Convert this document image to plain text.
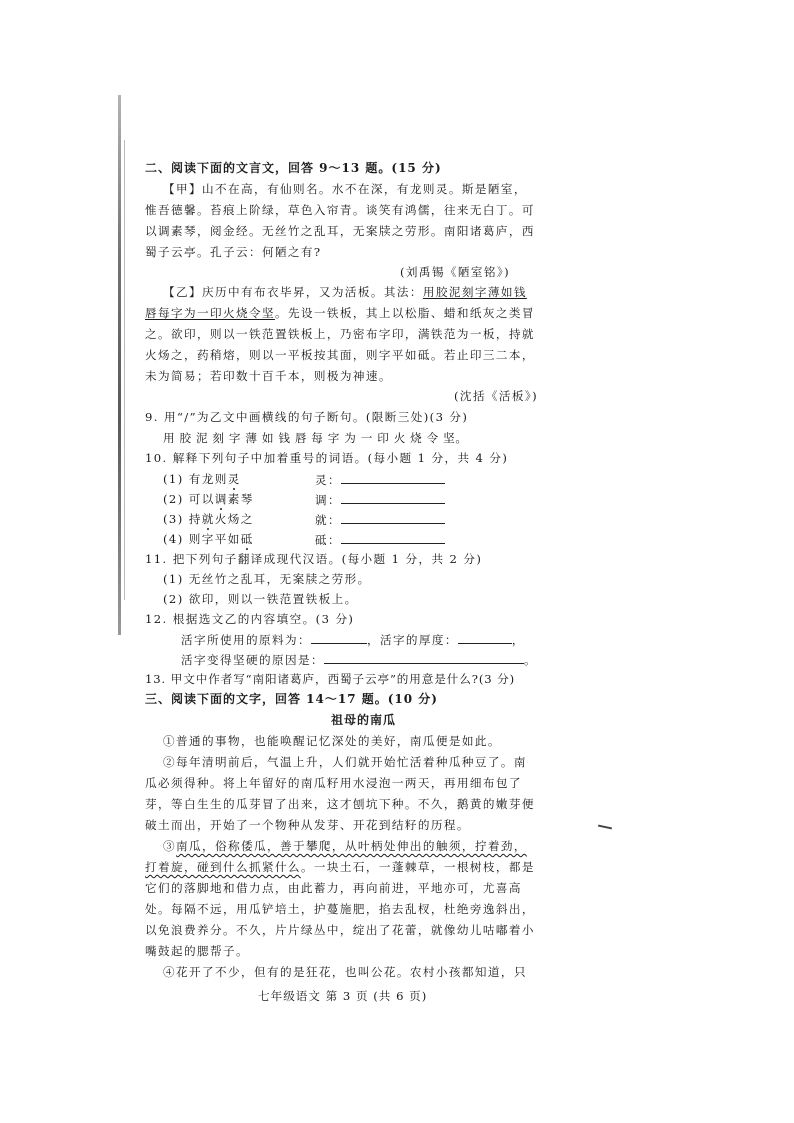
二、阅读下面的文言文，回答 9～13 题。(15 分)
【甲】山不在高，有仙则名。水不在深，有龙则灵。斯是陋室，
惟吾德馨。苔痕上阶绿，草色入帘青。谈笑有鸿儒，往来无白丁。可
以调素琴，阅金经。无丝竹之乱耳，无案牍之劳形。南阳诸葛庐，西
蜀子云亭。孔子云：何陋之有?
(刘禹锡《陋室铭》)
【乙】庆历中有布衣毕昇，又为活板。其法：用胶泥刻字薄如钱
唇每字为一印火烧令坚。先设一铁板，其上以松脂、蜡和纸灰之类冒
之。欲印，则以一铁范置铁板上，乃密布字印，满铁范为一板，持就
火炀之，药稍熔，则以一平板按其面，则字平如砥。若止印三二本，
未为简易；若印数十百千本，则极为神速。
(沈括《活板》)
9. 用“/”为乙文中画横线的句子断句。(限断三处)(3 分)
用 胶 泥 刻 字 薄 如 钱 唇 每 字 为 一 印 火 烧 令 坚。
10. 解释下列句子中加着重号的词语。(每小题 1 分，共 4 分)
(1) 有龙则灵	灵：
(2) 可以调素琴	调：
(3) 持就火炀之	就：
(4) 则字平如砥	砥：
11. 把下列句子翻译成现代汉语。(每小题 1 分，共 2 分)
(1) 无丝竹之乱耳，无案牍之劳形。
(2) 欲印，则以一铁范置铁板上。
12. 根据选文乙的内容填空。(3 分)
活字所使用的原料为：	，活字的厚度：	，
活字变得坚硬的原因是：	。
13. 甲文中作者写“南阳诸葛庐，西蜀子云亭”的用意是什么?(3 分)
三、阅读下面的文字，回答 14～17 题。(10 分)
祖母的南瓜
①普通的事物，也能唤醒记忆深处的美好，南瓜便是如此。
②每年清明前后，气温上升，人们就开始忙活着种瓜种豆了。南
瓜必须得种。将上年留好的南瓜籽用水浸泡一两天，再用细布包了
芽，等白生生的瓜芽冒了出来，这才刨坑下种。不久，鹅黄的嫩芽便
破土而出，开始了一个物种从发芽、开花到结籽的历程。
③南瓜，俗称倭瓜，善于攀爬，从叶柄处伸出的触须，拧着劲，
打着旋，碰到什么抓紧什么。一块土石，一蓬棘草，一根树枝，都是
它们的落脚地和借力点，由此蓄力，再向前进，平地亦可，尤喜高
处。每隔不远，用瓜铲培土，护蔓施肥，掐去乱杈，杜绝旁逸斜出，
以免浪费养分。不久，片片绿丛中，绽出了花蕾，就像幼儿咕嘟着小
嘴鼓起的腮帮子。
④花开了不少，但有的是狂花，也叫公花。农村小孩都知道，只
七年级语文 第 3 页 (共 6 页)
